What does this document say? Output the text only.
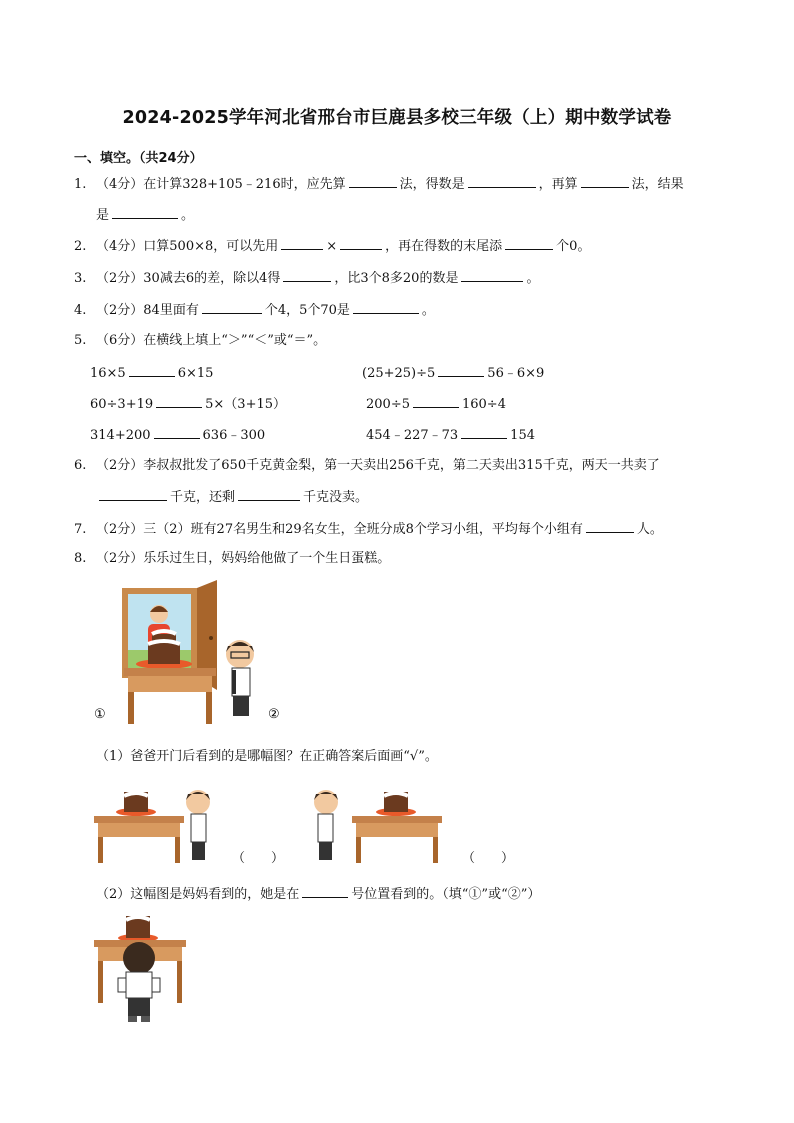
2024-2025学年河北省邢台市巨鹿县多校三年级（上）期中数学试卷
一、填空。（共24分）
1. （4分）在计算328+105﹣216时，应先算	法，得数是	，再算	法，结果
是	。
2. （4分）口算500×8，可以先用	×	，再在得数的末尾添	个0。
3. （2分）30减去6的差，除以4得	，比3个8多20的数是	。
4. （2分）84里面有	个4，5个70是	。
5. （6分）在横线上填上“＞”“＜”或“＝”。
16×5	6×15	(25+25)÷5	56﹣6×9
60÷3+19	5×（3+15）	200÷5	160÷4
314+200	636﹣300	454﹣227﹣73	154
6. （2分）李叔叔批发了650千克黄金梨，第一天卖出256千克，第二天卖出315千克，两天一共卖了
千克，还剩	千克没卖。
7. （2分）三（2）班有27名男生和29名女生，全班分成8个学习小组，平均每个小组有	人。
8. （2分）乐乐过生日，妈妈给他做了一个生日蛋糕。
①	②
（1）爸爸开门后看到的是哪幅图？在正确答案后面画“√”。
（　　）	（　　）
（2）这幅图是妈妈看到的，她是在	号位置看到的。（填“①”或“②”）
